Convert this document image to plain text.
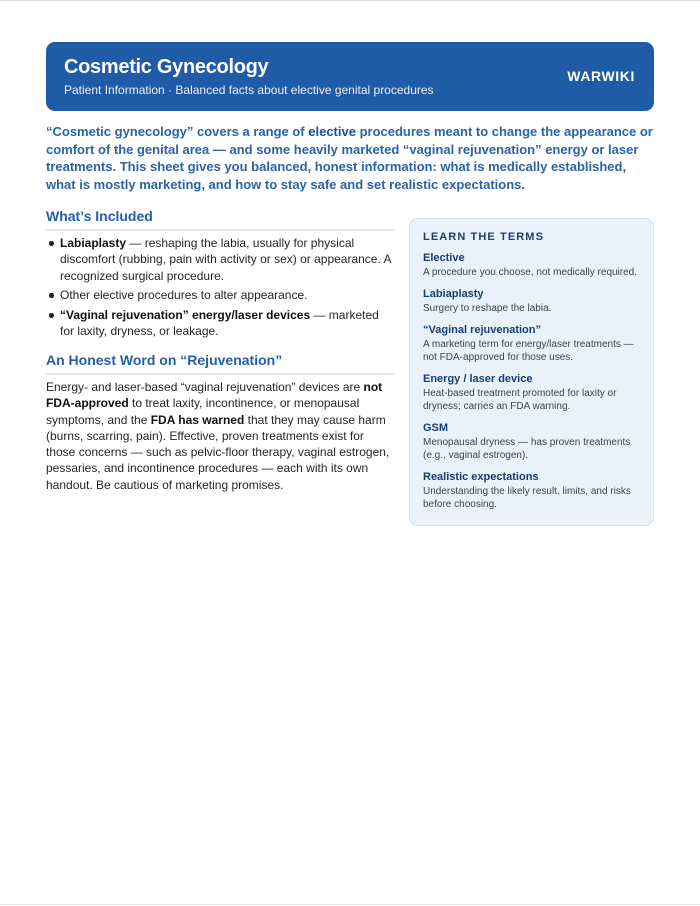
Cosmetic Gynecology
Patient Information · Balanced facts about elective genital procedures
WARWIKI

“Cosmetic gynecology” covers a range of elective procedures meant to change the appearance or comfort of the genital area — and some heavily marketed “vaginal rejuvenation” energy or laser treatments. This sheet gives you balanced, honest information: what is medically established, what is mostly marketing, and how to stay safe and set realistic expectations.

What’s Included
Labiaplasty — reshaping the labia, usually for physical discomfort (rubbing, pain with activity or sex) or appearance. A recognized surgical procedure.
Other elective procedures to alter appearance.
“Vaginal rejuvenation” energy/laser devices — marketed for laxity, dryness, or leakage.
An Honest Word on “Rejuvenation”

Energy- and laser-based “vaginal rejuvenation” devices are not FDA-approved to treat laxity, incontinence, or menopausal symptoms, and the FDA has warned that they may cause harm (burns, scarring, pain). Effective, proven treatments exist for those concerns — such as pelvic-floor therapy, vaginal estrogen, pessaries, and incontinence procedures — each with its own handout. Be cautious of marketing promises.

LEARN THE TERMS
Elective
A procedure you choose, not medically required.
Labiaplasty
Surgery to reshape the labia.
“Vaginal rejuvenation”
A marketing term for energy/laser treatments — not FDA-approved for those uses.
Energy / laser device
Heat-based treatment promoted for laxity or dryness; carries an FDA warning.
GSM
Menopausal dryness — has proven treatments (e.g., vaginal estrogen).
Realistic expectations
Understanding the likely result, limits, and risks before choosing.
